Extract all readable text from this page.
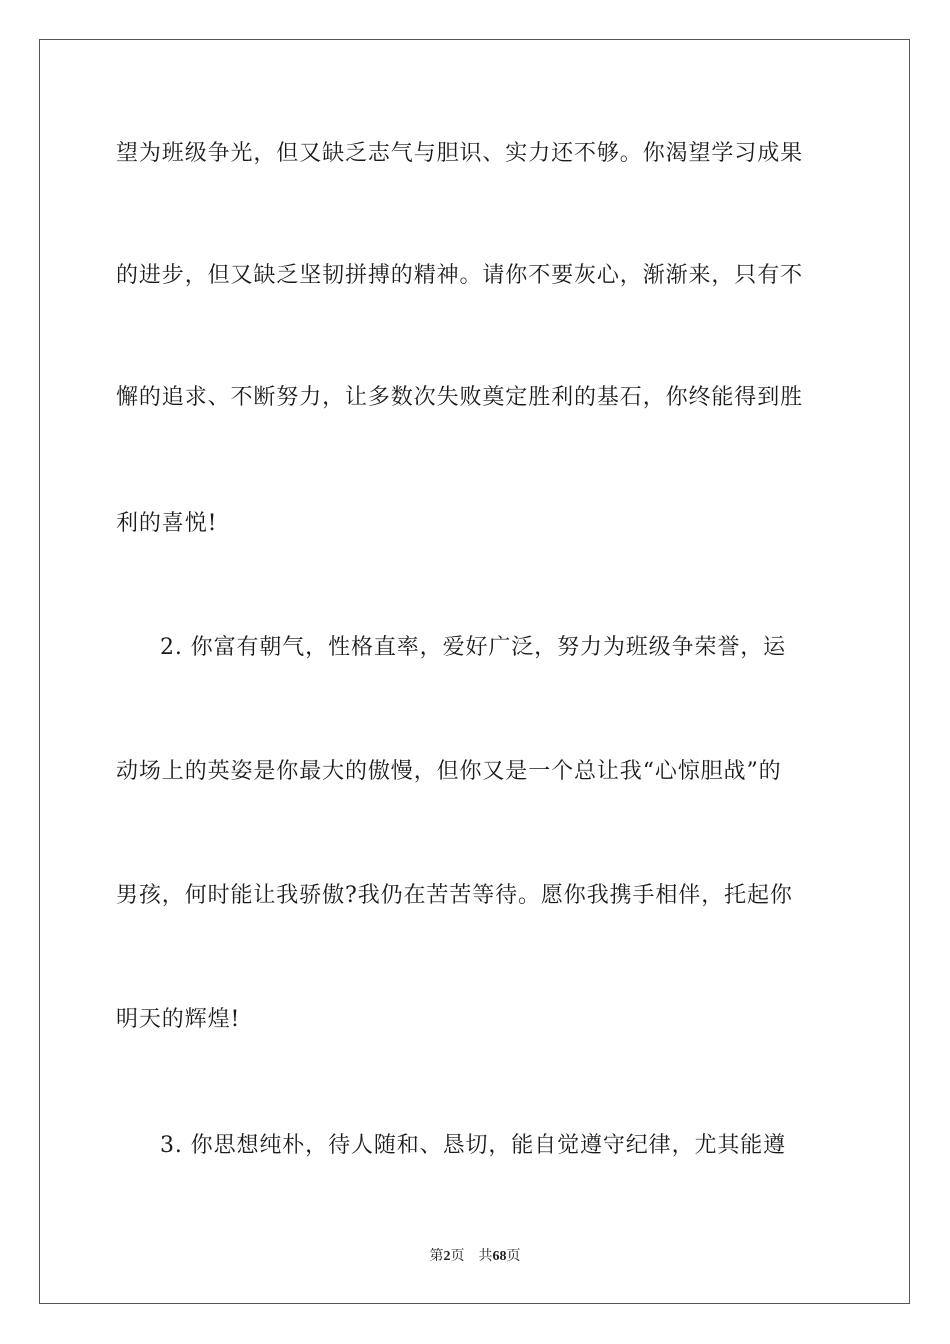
望为班级争光，但又缺乏志气与胆识、实力还不够。你渴望学习成果
的进步，但又缺乏坚韧拼搏的精神。请你不要灰心，渐渐来，只有不
懈的追求、不断努力，让多数次失败奠定胜利的基石，你终能得到胜
利的喜悦!
2. 你富有朝气，性格直率，爱好广泛，努力为班级争荣誉，运
动场上的英姿是你最大的傲慢，但你又是一个总让我“心惊胆战”的
男孩，何时能让我骄傲?我仍在苦苦等待。愿你我携手相伴，托起你
明天的辉煌!
3. 你思想纯朴，待人随和、恳切，能自觉遵守纪律，尤其能遵
第2页 共68页
